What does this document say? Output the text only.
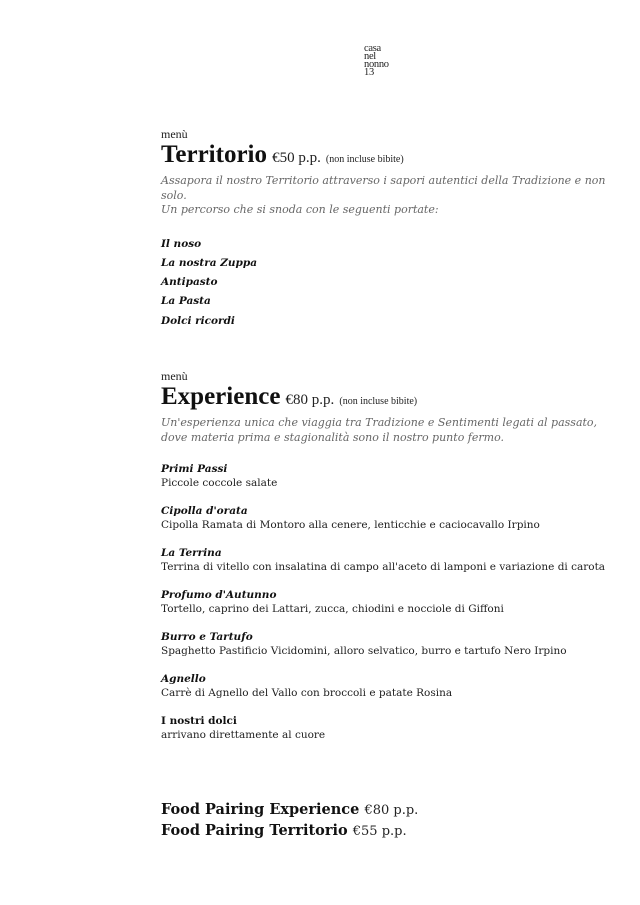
casa
nel
nonno
13
menù
Territorio €50 p.p. (non incluse bibite)
Assapora il nostro Territorio attraverso i sapori autentici della Tradizione e non solo.
Un percorso che si snoda con le seguenti portate:
Il noso
La nostra Zuppa
Antipasto
La Pasta
Dolci ricordi
menù
Experience €80 p.p. (non incluse bibite)
Un'esperienza unica che viaggia tra Tradizione e Sentimenti legati al passato,
dove materia prima e stagionalità sono il nostro punto fermo.
Primi Passi
Piccole coccole salate
Cipolla d'orata
Cipolla Ramata di Montoro alla cenere, lenticchie e caciocavallo Irpino
La Terrina
Terrina di vitello con insalatina di campo all'aceto di lamponi e variazione di carota
Profumo d'Autunno
Tortello, caprino dei Lattari, zucca, chiodini e nocciole di Giffoni
Burro e Tartufo
Spaghetto Pastificio Vicidomini, alloro selvatico, burro e tartufo Nero Irpino
Agnello
Carrè di Agnello del Vallo con broccoli e patate Rosina
I nostri dolci
arrivano direttamente al cuore
Food Pairing Experience €80 p.p.
Food Pairing Territorio €55 p.p.
